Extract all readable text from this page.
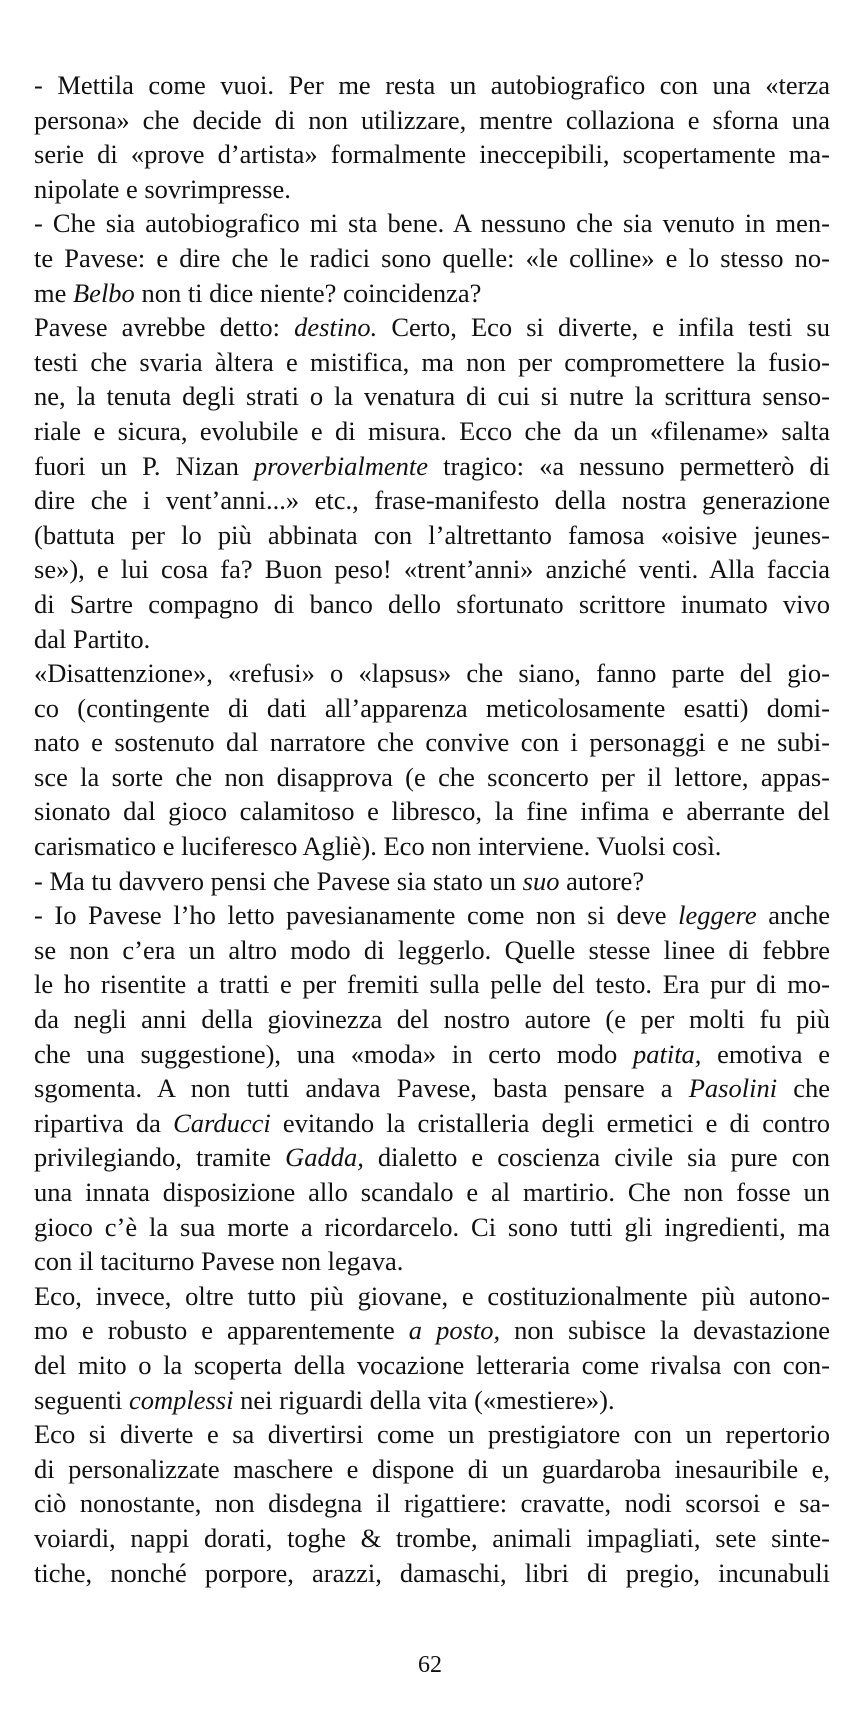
- Mettila come vuoi. Per me resta un autobiografico con una «terza
persona» che decide di non utilizzare, mentre collaziona e sforna una
serie di «prove d’artista» formalmente ineccepibili, scopertamente ma-
nipolate e sovrimpresse.
- Che sia autobiografico mi sta bene. A nessuno che sia venuto in men-
te Pavese: e dire che le radici sono quelle: «le colline» e lo stesso no-
me Belbo non ti dice niente? coincidenza?
Pavese avrebbe detto: destino. Certo, Eco si diverte, e infila testi su
testi che svaria àltera e mistifica, ma non per compromettere la fusio-
ne, la tenuta degli strati o la venatura di cui si nutre la scrittura senso-
riale e sicura, evolubile e di misura. Ecco che da un «filename» salta
fuori un P. Nizan proverbialmente tragico: «a nessuno permetterò di
dire che i vent’anni...» etc., frase-manifesto della nostra generazione
(battuta per lo più abbinata con l’altrettanto famosa «oisive jeunes-
se»), e lui cosa fa? Buon peso! «trent’anni» anziché venti. Alla faccia
di Sartre compagno di banco dello sfortunato scrittore inumato vivo
dal Partito.
«Disattenzione», «refusi» o «lapsus» che siano, fanno parte del gio-
co (contingente di dati all’apparenza meticolosamente esatti) domi-
nato e sostenuto dal narratore che convive con i personaggi e ne subi-
sce la sorte che non disapprova (e che sconcerto per il lettore, appas-
sionato dal gioco calamitoso e libresco, la fine infima e aberrante del
carismatico e luciferesco Agliè). Eco non interviene. Vuolsi così.
- Ma tu davvero pensi che Pavese sia stato un suo autore?
- Io Pavese l’ho letto pavesianamente come non si deve leggere anche
se non c’era un altro modo di leggerlo. Quelle stesse linee di febbre
le ho risentite a tratti e per fremiti sulla pelle del testo. Era pur di mo-
da negli anni della giovinezza del nostro autore (e per molti fu più
che una suggestione), una «moda» in certo modo patita, emotiva e
sgomenta. A non tutti andava Pavese, basta pensare a Pasolini che
ripartiva da Carducci evitando la cristalleria degli ermetici e di contro
privilegiando, tramite Gadda, dialetto e coscienza civile sia pure con
una innata disposizione allo scandalo e al martirio. Che non fosse un
gioco c’è la sua morte a ricordarcelo. Ci sono tutti gli ingredienti, ma
con il taciturno Pavese non legava.
Eco, invece, oltre tutto più giovane, e costituzionalmente più autono-
mo e robusto e apparentemente a posto, non subisce la devastazione
del mito o la scoperta della vocazione letteraria come rivalsa con con-
seguenti complessi nei riguardi della vita («mestiere»).
Eco si diverte e sa divertirsi come un prestigiatore con un repertorio
di personalizzate maschere e dispone di un guardaroba inesauribile e,
ciò nonostante, non disdegna il rigattiere: cravatte, nodi scorsoi e sa-
voiardi, nappi dorati, toghe & trombe, animali impagliati, sete sinte-
tiche, nonché porpore, arazzi, damaschi, libri di pregio, incunabuli
62
